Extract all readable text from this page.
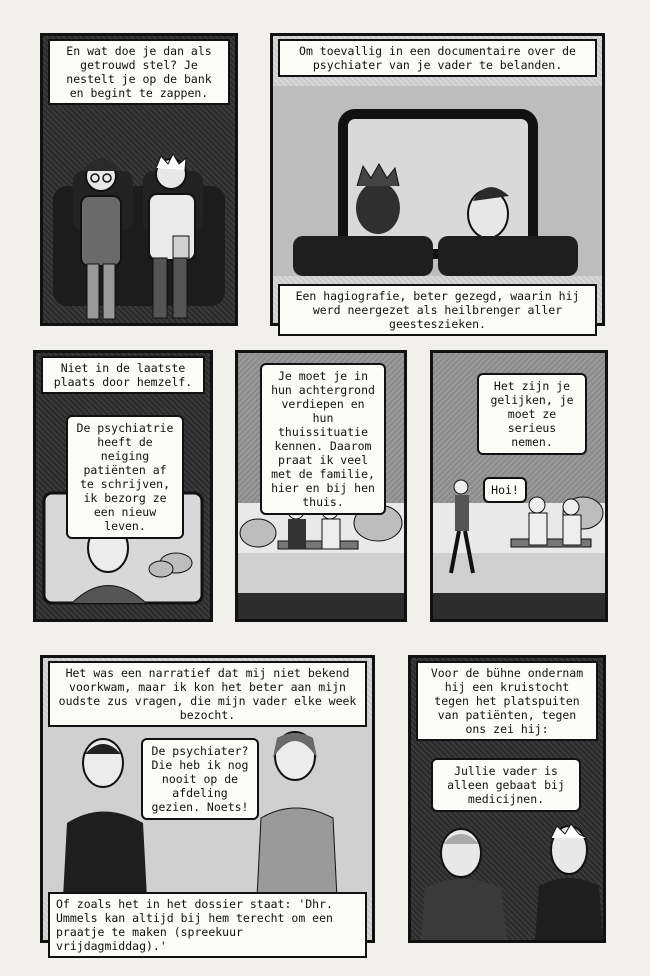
En wat doe je dan als getrouwd stel? Je nestelt je op de bank en begint te zappen.
Om toevallig in een documentaire over de psychiater van je vader te belanden.
Een hagiografie, beter gezegd, waarin hij werd neergezet als heilbrenger aller geesteszieken.
Niet in de laatste plaats door hemzelf.
De psychiatrie heeft de neiging patiënten af te schrijven, ik bezorg ze een nieuw leven.
Je moet je in hun achtergrond verdiepen en hun thuissituatie kennen. Daarom praat ik veel met de familie, hier en bij hen thuis.
Het zijn je gelijken, je moet ze serieus nemen.
Hoi!
Het was een narratief dat mij niet bekend voorkwam, maar ik kon het beter aan mijn oudste zus vragen, die mijn vader elke week bezocht.
De psychiater? Die heb ik nog nooit op de afdeling gezien. Noets!
Of zoals het in het dossier staat: 'Dhr. Ummels kan altijd bij hem terecht om een praatje te maken (spreekuur vrijdagmiddag).'
Voor de bühne ondernam hij een kruistocht tegen het platspuiten van patiënten, tegen ons zei hij:
Jullie vader is alleen gebaat bij medicijnen.
